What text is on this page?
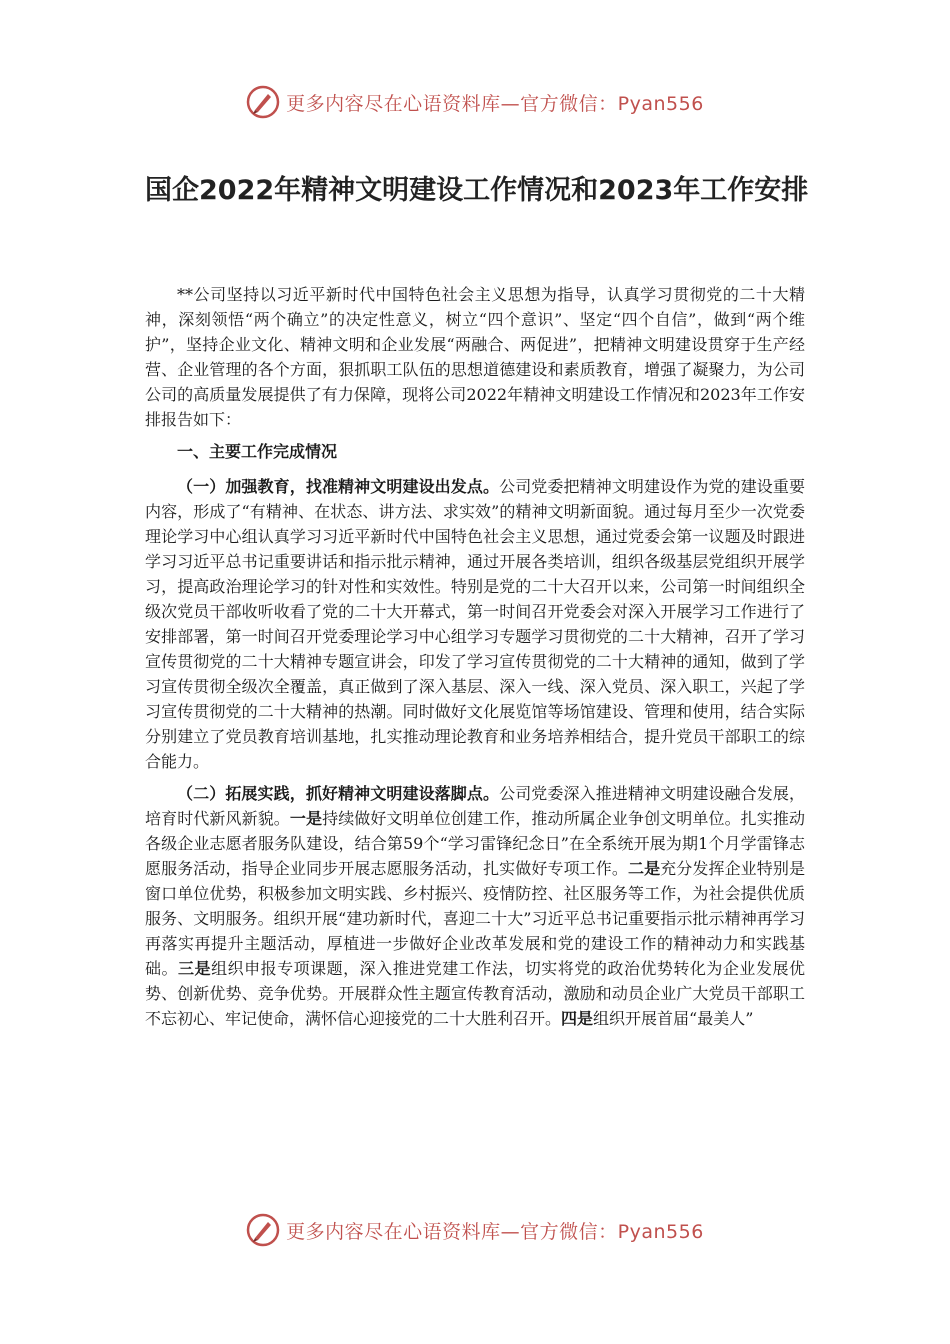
更多内容尽在心语资料库—官方微信：Pyan556
国企2022年精神文明建设工作情况和2023年工作安排

**公司坚持以习近平新时代中国特色社会主义思想为指导，认真学习贯彻党的二十大精神，深刻领悟“两个确立”的决定性意义，树立“四个意识”、坚定“四个自信”，做到“两个维护”，坚持企业文化、精神文明和企业发展“两融合、两促进”，把精神文明建设贯穿于生产经营、企业管理的各个方面，狠抓职工队伍的思想道德建设和素质教育，增强了凝聚力，为公司公司的高质量发展提供了有力保障，现将公司2022年精神文明建设工作情况和2023年工作安排报告如下：

一、主要工作完成情况

（一）加强教育，找准精神文明建设出发点。公司党委把精神文明建设作为党的建设重要内容，形成了“有精神、在状态、讲方法、求实效”的精神文明新面貌。通过每月至少一次党委理论学习中心组认真学习习近平新时代中国特色社会主义思想，通过党委会第一议题及时跟进学习习近平总书记重要讲话和指示批示精神，通过开展各类培训，组织各级基层党组织开展学习，提高政治理论学习的针对性和实效性。特别是党的二十大召开以来，公司第一时间组织全级次党员干部收听收看了党的二十大开幕式，第一时间召开党委会对深入开展学习工作进行了安排部署，第一时间召开党委理论学习中心组学习专题学习贯彻党的二十大精神，召开了学习宣传贯彻党的二十大精神专题宣讲会，印发了学习宣传贯彻党的二十大精神的通知，做到了学习宣传贯彻全级次全覆盖，真正做到了深入基层、深入一线、深入党员、深入职工，兴起了学习宣传贯彻党的二十大精神的热潮。同时做好文化展览馆等场馆建设、管理和使用，结合实际分别建立了党员教育培训基地，扎实推动理论教育和业务培养相结合，提升党员干部职工的综合能力。

（二）拓展实践，抓好精神文明建设落脚点。公司党委深入推进精神文明建设融合发展，培育时代新风新貌。一是持续做好文明单位创建工作，推动所属企业争创文明单位。扎实推动各级企业志愿者服务队建设，结合第59个“学习雷锋纪念日”在全系统开展为期1个月学雷锋志愿服务活动，指导企业同步开展志愿服务活动，扎实做好专项工作。二是充分发挥企业特别是窗口单位优势，积极参加文明实践、乡村振兴、疫情防控、社区服务等工作，为社会提供优质服务、文明服务。组织开展“建功新时代，喜迎二十大”习近平总书记重要指示批示精神再学习再落实再提升主题活动，厚植进一步做好企业改革发展和党的建设工作的精神动力和实践基础。三是组织申报专项课题，深入推进党建工作法，切实将党的政治优势转化为企业发展优势、创新优势、竞争优势。开展群众性主题宣传教育活动，激励和动员企业广大党员干部职工不忘初心、牢记使命，满怀信心迎接党的二十大胜利召开。四是组织开展首届“最美人”

更多内容尽在心语资料库—官方微信：Pyan556
